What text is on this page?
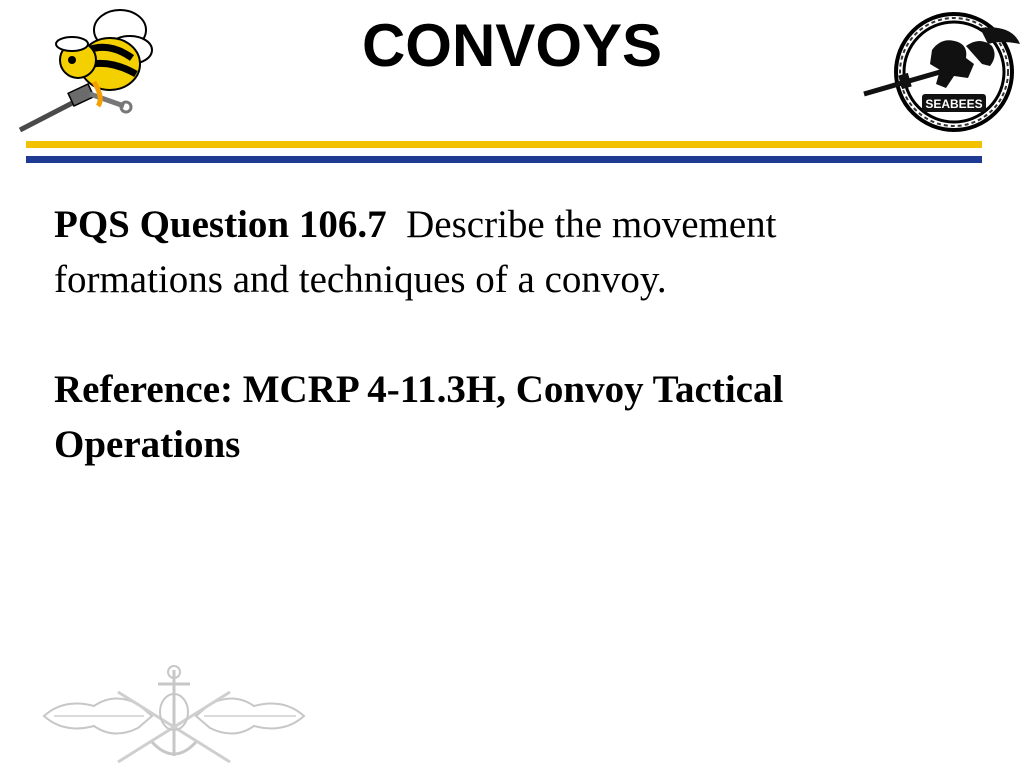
CONVOYS
SEABEES

PQS Question 106.7 Describe the movement formations and techniques of a convoy.

Reference: MCRP 4-11.3H, Convoy Tactical Operations
